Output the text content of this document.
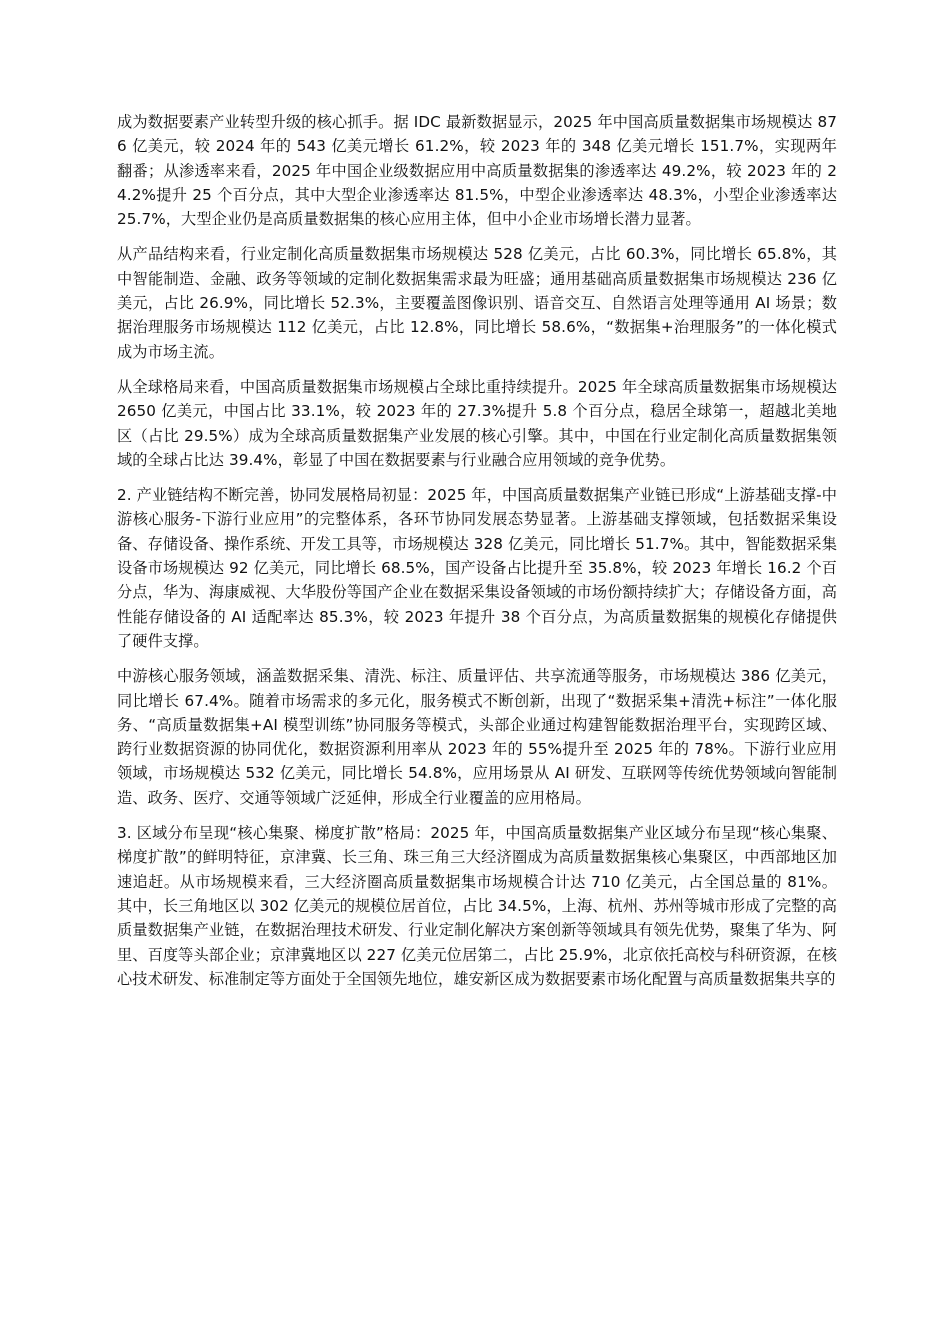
成为数据要素产业转型升级的核心抓手。据 IDC 最新数据显示，2025 年中国高质量数据集市场规模达 876 亿美元，较 2024 年的 543 亿美元增长 61.2%，较 2023 年的 348 亿美元增长 151.7%，实现两年翻番；从渗透率来看，2025 年中国企业级数据应用中高质量数据集的渗透率达 49.2%，较 2023 年的 24.2%提升 25 个百分点，其中大型企业渗透率达 81.5%，中型企业渗透率达 48.3%，小型企业渗透率达 25.7%，大型企业仍是高质量数据集的核心应用主体，但中小企业市场增长潜力显著。

从产品结构来看，行业定制化高质量数据集市场规模达 528 亿美元，占比 60.3%，同比增长 65.8%，其中智能制造、金融、政务等领域的定制化数据集需求最为旺盛；通用基础高质量数据集市场规模达 236 亿美元，占比 26.9%，同比增长 52.3%，主要覆盖图像识别、语音交互、自然语言处理等通用 AI 场景；数据治理服务市场规模达 112 亿美元，占比 12.8%，同比增长 58.6%，“数据集+治理服务”的一体化模式成为市场主流。

从全球格局来看，中国高质量数据集市场规模占全球比重持续提升。2025 年全球高质量数据集市场规模达 2650 亿美元，中国占比 33.1%，较 2023 年的 27.3%提升 5.8 个百分点，稳居全球第一，超越北美地区（占比 29.5%）成为全球高质量数据集产业发展的核心引擎。其中，中国在行业定制化高质量数据集领域的全球占比达 39.4%，彰显了中国在数据要素与行业融合应用领域的竞争优势。

2. 产业链结构不断完善，协同发展格局初显：2025 年，中国高质量数据集产业链已形成“上游基础支撑-中游核心服务-下游行业应用”的完整体系，各环节协同发展态势显著。上游基础支撑领域，包括数据采集设备、存储设备、操作系统、开发工具等，市场规模达 328 亿美元，同比增长 51.7%。其中，智能数据采集设备市场规模达 92 亿美元，同比增长 68.5%，国产设备占比提升至 35.8%，较 2023 年增长 16.2 个百分点，华为、海康威视、大华股份等国产企业在数据采集设备领域的市场份额持续扩大；存储设备方面，高性能存储设备的 AI 适配率达 85.3%，较 2023 年提升 38 个百分点，为高质量数据集的规模化存储提供了硬件支撑。

中游核心服务领域，涵盖数据采集、清洗、标注、质量评估、共享流通等服务，市场规模达 386 亿美元，同比增长 67.4%。随着市场需求的多元化，服务模式不断创新，出现了“数据采集+清洗+标注”一体化服务、“高质量数据集+AI 模型训练”协同服务等模式，头部企业通过构建智能数据治理平台，实现跨区域、跨行业数据资源的协同优化，数据资源利用率从 2023 年的 55%提升至 2025 年的 78%。下游行业应用领域，市场规模达 532 亿美元，同比增长 54.8%，应用场景从 AI 研发、互联网等传统优势领域向智能制造、政务、医疗、交通等领域广泛延伸，形成全行业覆盖的应用格局。

3. 区域分布呈现“核心集聚、梯度扩散”格局：2025 年，中国高质量数据集产业区域分布呈现“核心集聚、梯度扩散”的鲜明特征，京津冀、长三角、珠三角三大经济圈成为高质量数据集核心集聚区，中西部地区加速追赶。从市场规模来看，三大经济圈高质量数据集市场规模合计达 710 亿美元，占全国总量的 81%。其中，长三角地区以 302 亿美元的规模位居首位，占比 34.5%，上海、杭州、苏州等城市形成了完整的高质量数据集产业链，在数据治理技术研发、行业定制化解决方案创新等领域具有领先优势，聚集了华为、阿里、百度等头部企业；京津冀地区以 227 亿美元位居第二，占比 25.9%，北京依托高校与科研资源，在核心技术研发、标准制定等方面处于全国领先地位，雄安新区成为数据要素市场化配置与高质量数据集共享的
